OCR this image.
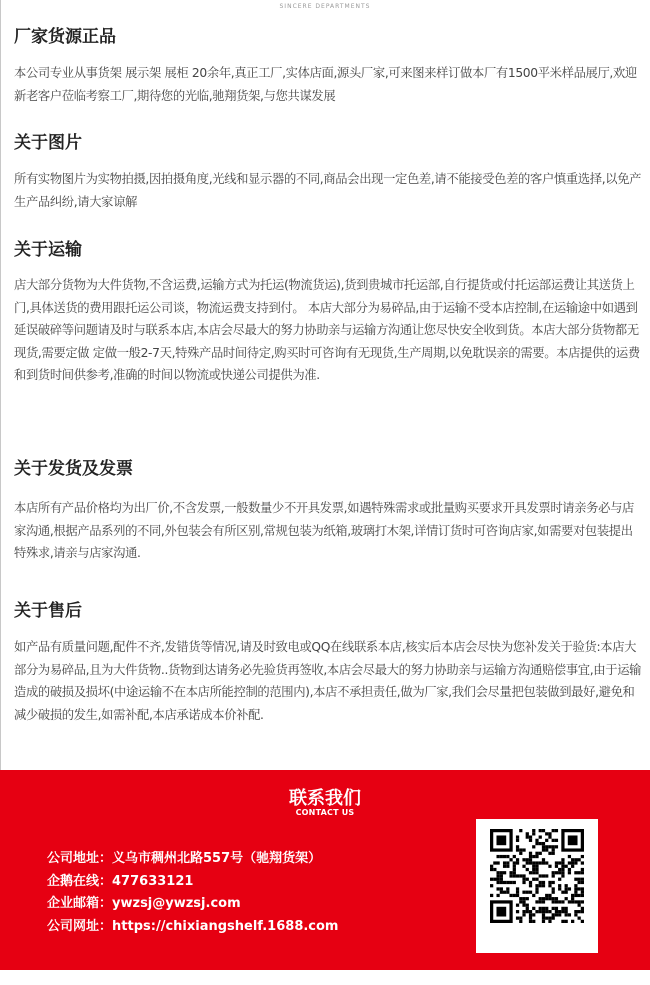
SINCERE DEPARTMENTS
厂家货源正品

本公司专业从事货架 展示架 展柜 20余年,真正工厂,实体店面,源头厂家,可来图来样订做本厂有1500平米样品展厅,欢迎新老客户莅临考察工厂,期待您的光临,驰翔货架,与您共谋发展

关于图片

所有实物图片为实物拍摄,因拍摄角度,光线和显示器的不同,商品会出现一定色差,请不能接受色差的客户慎重选择,以免产生产品纠纷,请大家谅解

关于运输

店大部分货物为大件货物,不含运费,运输方式为托运(物流货运),货到贵城市托运部,自行提货或付托运部运费让其送货上门,具体送货的费用跟托运公司谈，物流运费支持到付。 本店大部分为易碎品,由于运输不受本店控制,在运输途中如遇到延误破碎等问题请及时与联系本店,本店会尽最大的努力协助亲与运输方沟通让您尽快安全收到货。本店大部分货物都无现货,需要定做 定做一般2-7天,特殊产品时间待定,购买时可咨询有无现货,生产周期,以免耽误亲的需要。本店提供的运费和到货时间供参考,准确的时间以物流或快递公司提供为准.

关于发货及发票

本店所有产品价格均为出厂价,不含发票,一般数量少不开具发票,如遇特殊需求或批量购买要求开具发票时请亲务必与店家沟通,根据产品系列的不同,外包装会有所区别,常规包装为纸箱,玻璃打木架,详情订货时可咨询店家,如需要对包装提出特殊求,请亲与店家沟通.

关于售后

如产品有质量问题,配件不齐,发错货等情况,请及时致电或QQ在线联系本店,核实后本店会尽快为您补发关于验货:本店大部分为易碎品,且为大件货物..货物到达请务必先验货再签收,本店会尽最大的努力协助亲与运输方沟通赔偿事宜,由于运输造成的破损及损坏(中途运输不在本店所能控制的范围内),本店不承担责任,做为厂家,我们会尽量把包装做到最好,避免和减少破损的发生,如需补配,本店承诺成本价补配.

联系我们
CONTACT US
公司地址：义乌市稠州北路557号（驰翔货架）
企鹅在线：477633121
企业邮箱：ywzsj@ywzsj.com
公司网址：https://chixiangshelf.1688.com
